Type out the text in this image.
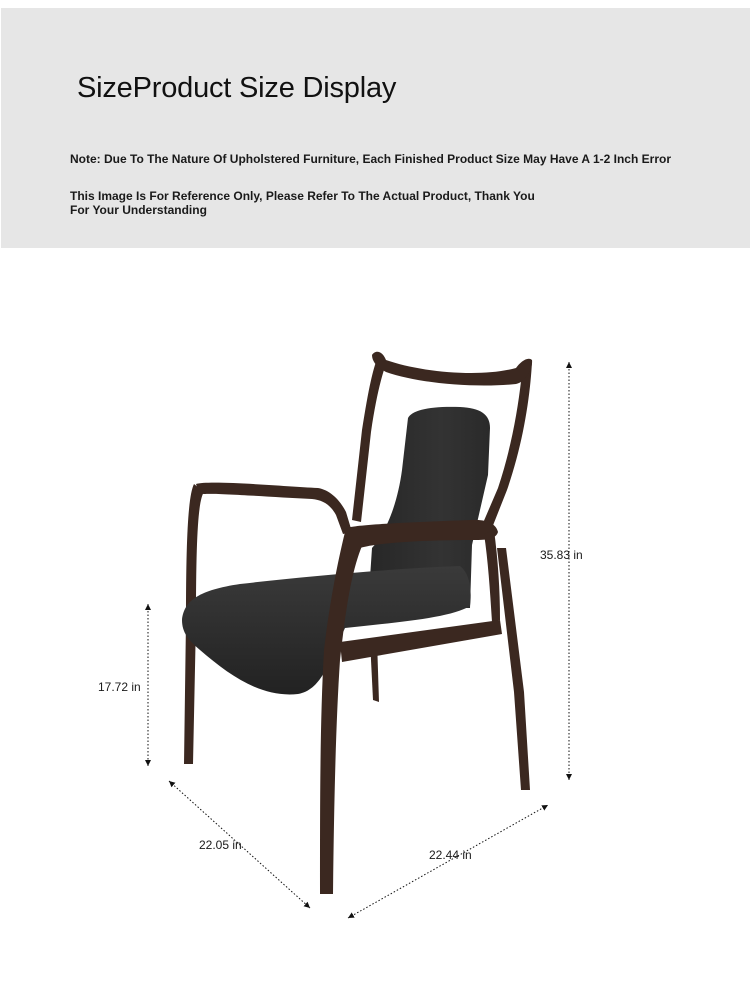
SizeProduct Size Display

Note: Due To The Nature Of Upholstered Furniture, Each Finished Product Size May Have A 1-2 Inch Error

This Image Is For Reference Only, Please Refer To The Actual Product, Thank You
For Your Understanding
35.83 in
17.72 in
22.05 in
22.44 in
